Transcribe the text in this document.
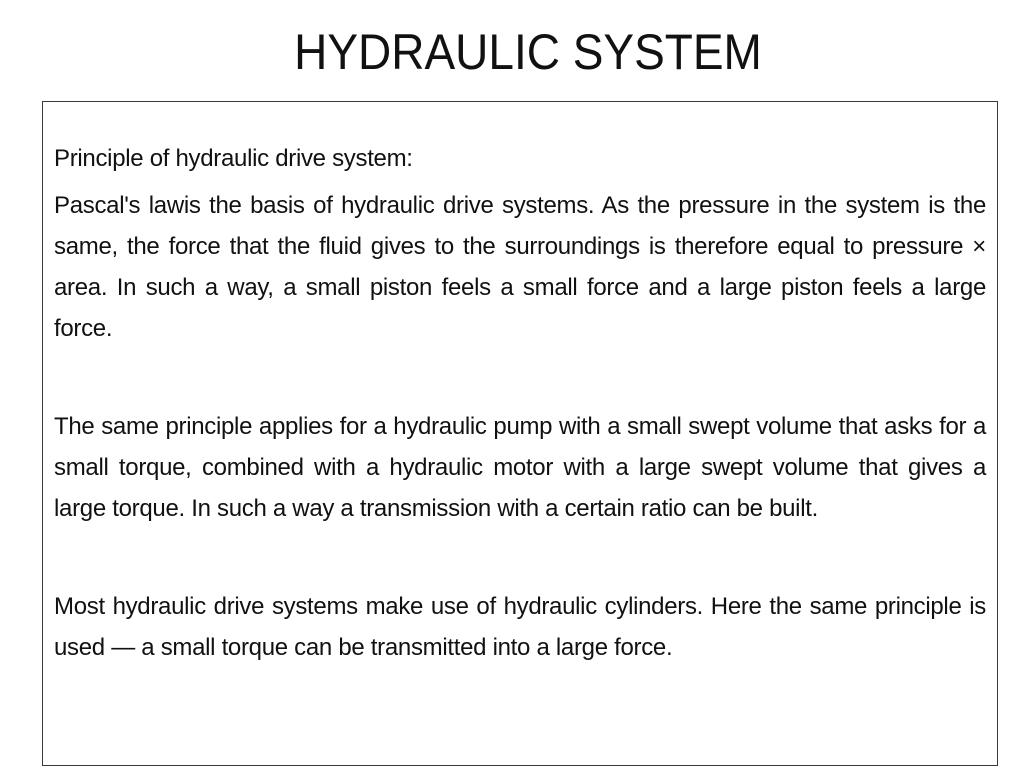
HYDRAULIC SYSTEM

Principle of hydraulic drive system:

Pascal's lawis the basis of hydraulic drive systems. As the pressure in the system is the same, the force that the fluid gives to the surroundings is therefore equal to pressure × area. In such a way, a small piston feels a small force and a large piston feels a large force.

The same principle applies for a hydraulic pump with a small swept volume that asks for a small torque, combined with a hydraulic motor with a large swept volume that gives a large torque. In such a way a transmission with a certain ratio can be built.

Most hydraulic drive systems make use of hydraulic cylinders. Here the same principle is used — a small torque can be transmitted into a large force.
